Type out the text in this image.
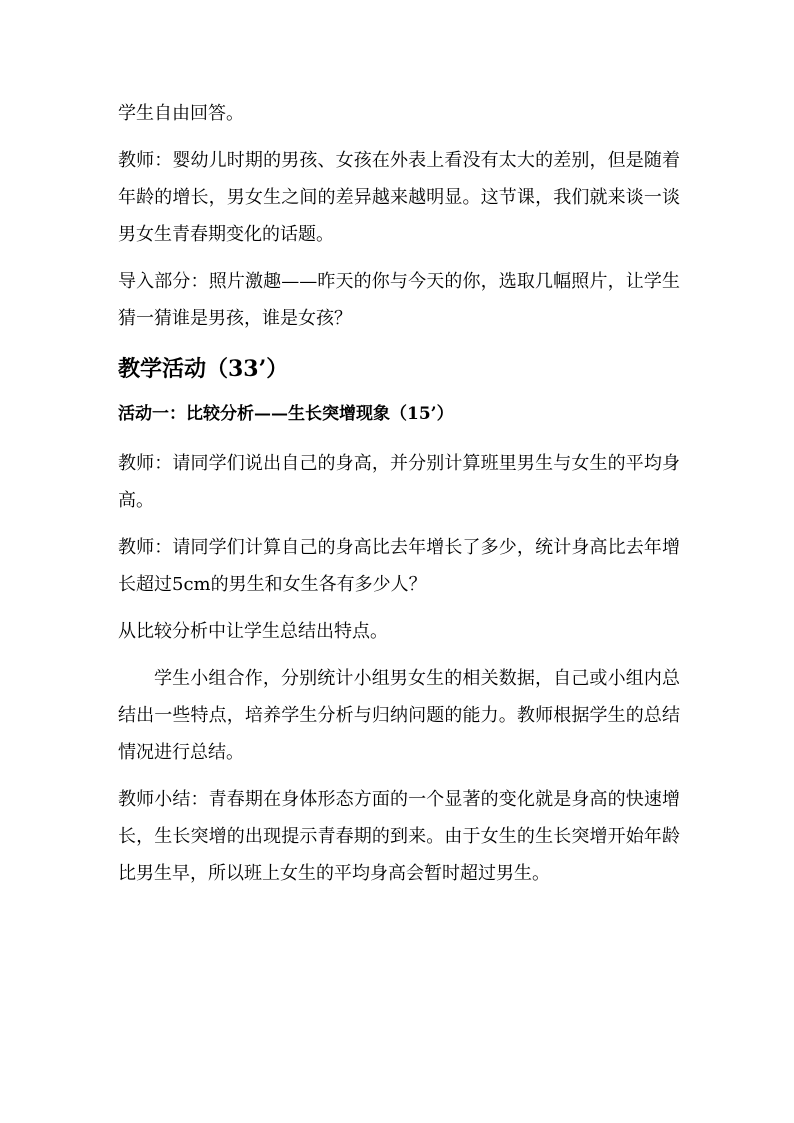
学生自由回答。

教师：婴幼儿时期的男孩、女孩在外表上看没有太大的差别，但是随着年龄的增长，男女生之间的差异越来越明显。这节课，我们就来谈一谈男女生青春期变化的话题。

导入部分：照片激趣——昨天的你与今天的你，选取几幅照片，让学生猜一猜谁是男孩，谁是女孩？

教学活动（33’）
活动一：比较分析——生长突增现象（15’）

教师：请同学们说出自己的身高，并分别计算班里男生与女生的平均身高。

教师：请同学们计算自己的身高比去年增长了多少，统计身高比去年增长超过5cm的男生和女生各有多少人？

从比较分析中让学生总结出特点。

学生小组合作，分别统计小组男女生的相关数据，自己或小组内总结出一些特点，培养学生分析与归纳问题的能力。教师根据学生的总结情况进行总结。

教师小结：青春期在身体形态方面的一个显著的变化就是身高的快速增长，生长突增的出现提示青春期的到来。由于女生的生长突增开始年龄比男生早，所以班上女生的平均身高会暂时超过男生。
